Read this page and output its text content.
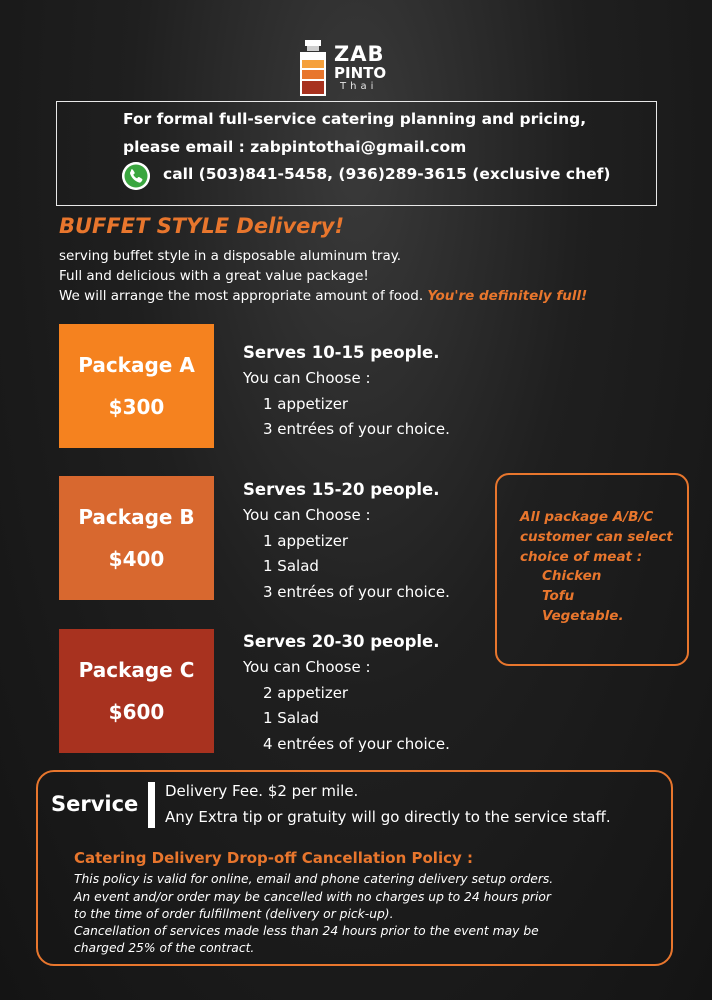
ZAB
PINTO
Thai
For formal full-service catering planning and pricing,
please email : zabpintothai@gmail.com
call (503)841-5458, (936)289-3615 (exclusive chef)
BUFFET STYLE Delivery!
serving buffet style in a disposable aluminum tray.
Full and delicious with a great value package!
We will arrange the most appropriate amount of food. You're definitely full!
Package A
$300
Serves 10-15 people.
You can Choose :
1 appetizer
3 entrées of your choice.
Package B
$400
Serves 15-20 people.
You can Choose :
1 appetizer
1 Salad
3 entrées of your choice.
Package C
$600
Serves 20-30 people.
You can Choose :
2 appetizer
1 Salad
4 entrées of your choice.
All package A/B/C
customer can select
choice of meat :
Chicken
Tofu
Vegetable.
Service
Delivery Fee. $2 per mile.
Any Extra tip or gratuity will go directly to the service staff.
Catering Delivery Drop-off Cancellation Policy :
This policy is valid for online, email and phone catering delivery setup orders.
An event and/or order may be cancelled with no charges up to 24 hours prior
to the time of order fulfillment (delivery or pick-up).
Cancellation of services made less than 24 hours prior to the event may be
charged 25% of the contract.
